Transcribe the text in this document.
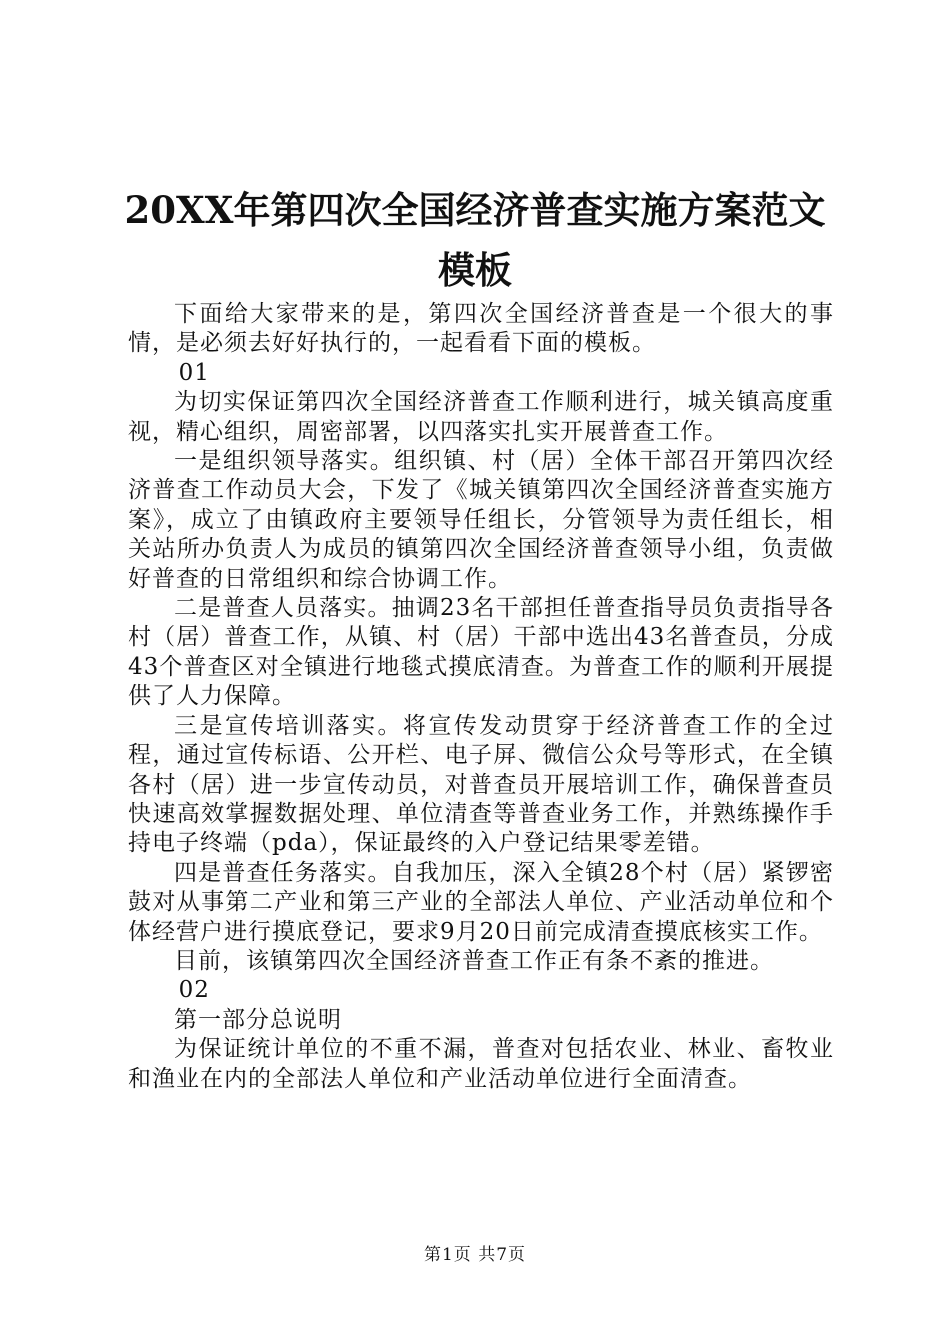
20XX年第四次全国经济普查实施方案范文模板

下面给大家带来的是，第四次全国经济普查是一个很大的事情，是必须去好好执行的，一起看看下面的模板。

01

为切实保证第四次全国经济普查工作顺利进行，城关镇高度重视，精心组织，周密部署，以四落实扎实开展普查工作。

一是组织领导落实。组织镇、村（居）全体干部召开第四次经济普查工作动员大会，下发了《城关镇第四次全国经济普查实施方案》，成立了由镇政府主要领导任组长，分管领导为责任组长，相关站所办负责人为成员的镇第四次全国经济普查领导小组，负责做好普查的日常组织和综合协调工作。

二是普查人员落实。抽调23名干部担任普查指导员负责指导各村（居）普查工作，从镇、村（居）干部中选出43名普查员，分成43个普查区对全镇进行地毯式摸底清查。为普查工作的顺利开展提供了人力保障。

三是宣传培训落实。将宣传发动贯穿于经济普查工作的全过程，通过宣传标语、公开栏、电子屏、微信公众号等形式，在全镇各村（居）进一步宣传动员，对普查员开展培训工作，确保普查员快速高效掌握数据处理、单位清查等普查业务工作，并熟练操作手持电子终端（pda），保证最终的入户登记结果零差错。

四是普查任务落实。自我加压，深入全镇28个村（居）紧锣密鼓对从事第二产业和第三产业的全部法人单位、产业活动单位和个体经营户进行摸底登记，要求9月20日前完成清查摸底核实工作。

目前，该镇第四次全国经济普查工作正有条不紊的推进。

02

第一部分总说明

为保证统计单位的不重不漏，普查对包括农业、林业、畜牧业和渔业在内的全部法人单位和产业活动单位进行全面清查。

第1页 共7页
